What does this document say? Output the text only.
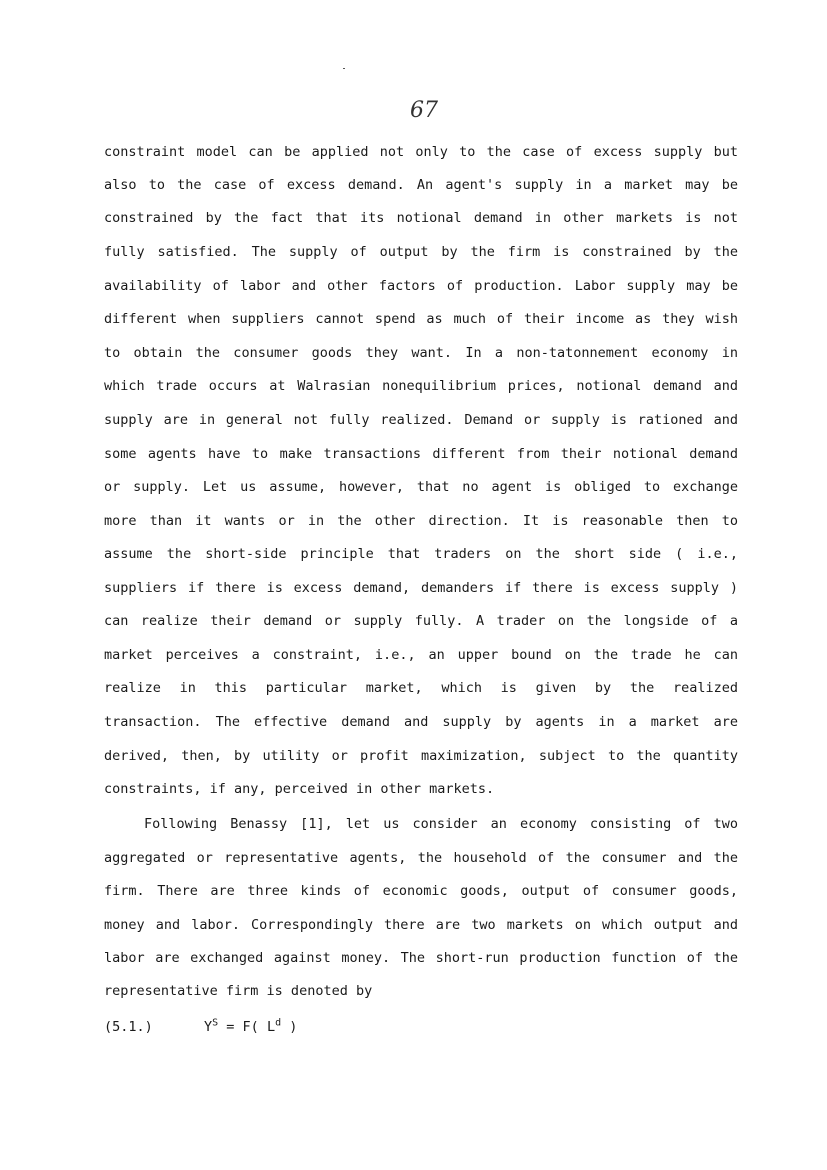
67
constraint model can be applied not only to the case of excess supply but
also to the case of excess demand. An agent's supply in a market may be
constrained by the fact that its notional demand in other markets is not
fully satisfied. The supply of output by the firm is constrained by the
availability of labor and other factors of production. Labor supply may be
different when suppliers cannot spend as much of their income as they wish
to obtain the consumer goods they want. In a non-tatonnement economy in
which trade occurs at Walrasian nonequilibrium prices, notional demand and
supply are in general not fully realized. Demand or supply is rationed and
some agents have to make transactions different from their notional demand
or supply. Let us assume, however, that no agent is obliged to exchange
more than it wants or in the other direction. It is reasonable then to
assume the short-side principle that traders on the short side ( i.e.,
suppliers if there is excess demand, demanders if there is excess supply )
can realize their demand or supply fully. A trader on the longside of a
market perceives a constraint, i.e., an upper bound on the trade he can
realize in this particular market, which is given by the realized
transaction. The effective demand and supply by agents in a market are
derived, then, by utility or profit maximization, subject to the quantity
constraints, if any, perceived in other markets.
Following Benassy [1], let us consider an economy consisting of two
aggregated or representative agents, the household of the consumer and the
firm. There are three kinds of economic goods, output of consumer goods,
money and labor. Correspondingly there are two markets on which output and
labor are exchanged against money. The short-run production function of the
representative firm is denoted by
(5.1.)	$Y^S = F$( $L^d$ )
